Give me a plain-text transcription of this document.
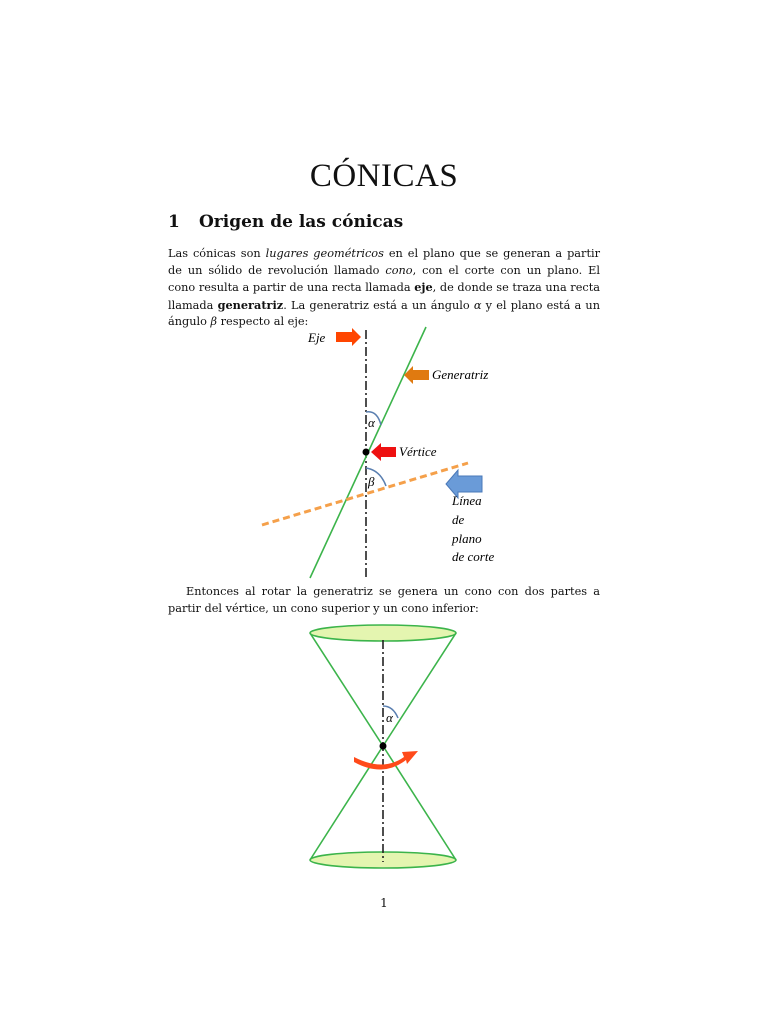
CÓNICAS
1 Origen de las cónicas
Las cónicas son lugares geométricos en el plano que se generan a partir de un sólido de revolución llamado cono, con el corte con un plano. El cono resulta a partir de una recta llamada eje, de donde se traza una recta llamada generatriz. La generatriz está a un ángulo α y el plano está a un ángulo β respecto al eje:
Eje
Generatriz
α
Vértice
β
Línea
de
plano
de corte
Entonces al rotar la generatriz se genera un cono con dos partes a partir del vértice, un cono superior y un cono inferior:
α
1
